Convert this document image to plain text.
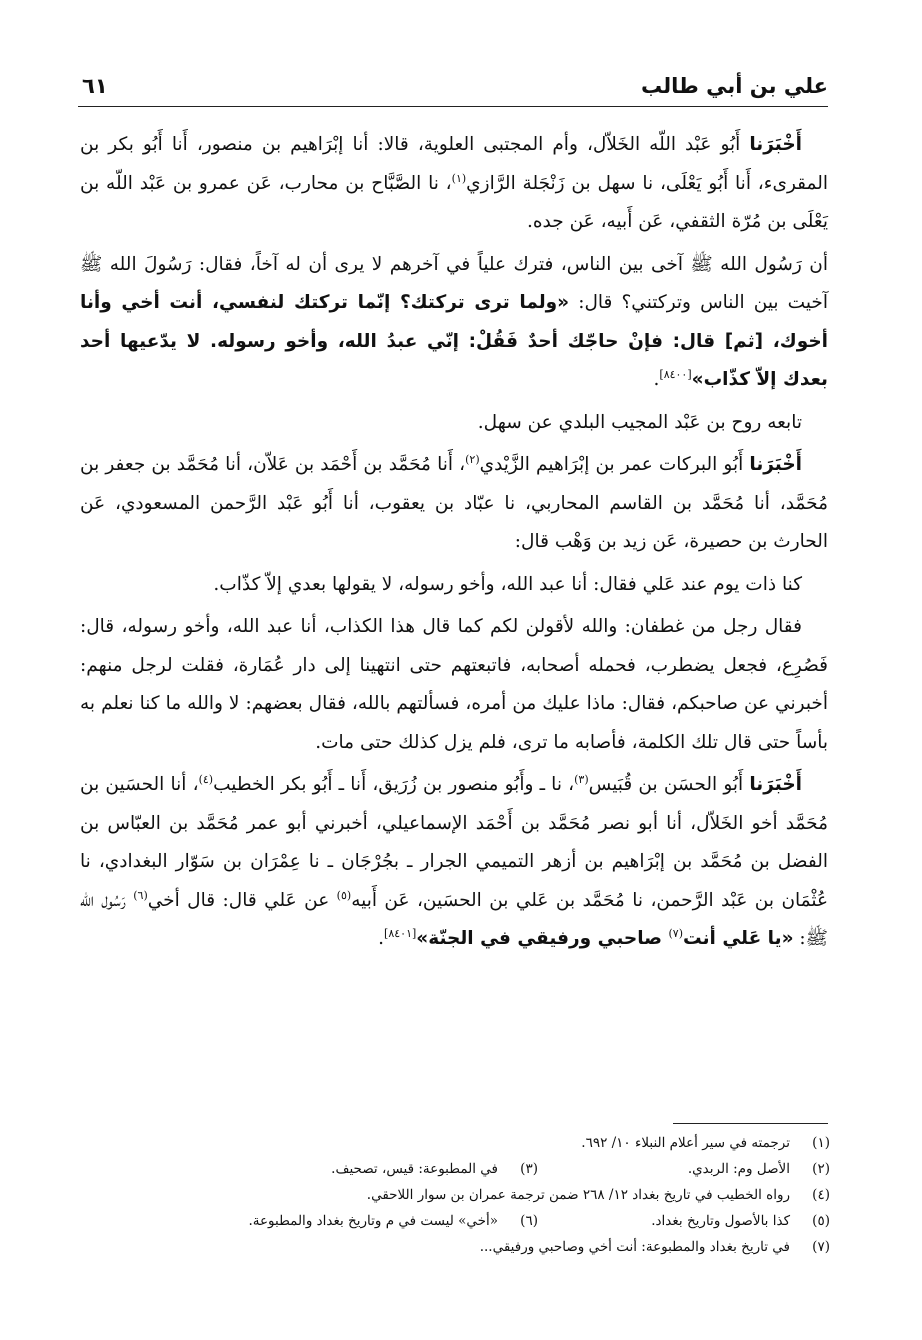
علي بن أبي طالب
٦١

أَخْبَرَنا أَبُو عَبْد اللّه الخَلاّل، وأم المجتبى العلوية، قالا: أنا إبْرَاهيم بن منصور، أَنا أَبُو بكر بن المقرىء، أَنا أَبُو يَعْلَى، نا سهل بن زَنْجَلة الرَّازي$^{(١)}$، نا الصَّبَّاح بن محارب، عَن عمرو بن عَبْد اللّه بن يَعْلَى بن مُرّة الثقفي، عَن أَبيه، عَن جده.

أن رَسُول الله ﷺ آخى بين الناس، فترك علياً في آخرهم لا يرى أن له آخاً، فقال: رَسُولَ الله ﷺ آخيت بين الناس وتركتني؟ قال: «ولما ترى تركتك؟ إنّما تركتك لنفسي، أنت أخي وأنا أخوك، [ثم] قال: فإنْ حاجّك أحدٌ فَقُلْ: إنّي عبدُ الله، وأخو رسوله. لا يدّعيها أحد بعدك إلاّ كذّاب»[٨٤٠٠].

تابعه روح بن عَبْد المجيب البلدي عن سهل.

أَخْبَرَنا أَبُو البركات عمر بن إبْرَاهيم الزَّيْدي$^{(٢)}$، أَنا مُحَمَّد بن أَحْمَد بن عَلاّن، أنا مُحَمَّد بن جعفر بن مُحَمَّد، أنا مُحَمَّد بن القاسم المحاربي، نا عبّاد بن يعقوب، أنا أَبُو عَبْد الرَّحمن المسعودي، عَن الحارث بن حصيرة، عَن زيد بن وَهْب قال:

كنا ذات يوم عند عَلي فقال: أنا عبد الله، وأخو رسوله، لا يقولها بعدي إلاّ كذّاب.

فقال رجل من غطفان: والله لأقولن لكم كما قال هذا الكذاب، أنا عبد الله، وأخو رسوله، قال: فَصُرِع، فجعل يضطرب، فحمله أصحابه، فاتبعتهم حتى انتهينا إلى دار عُمَارة، فقلت لرجل منهم: أخبرني عن صاحبكم، فقال: ماذا عليك من أمره، فسألتهم بالله، فقال بعضهم: لا والله ما كنا نعلم به بأساً حتى قال تلك الكلمة، فأصابه ما ترى، فلم يزل كذلك حتى مات.

أَخْبَرَنا أَبُو الحسَن بن قُبَيس$^{(٣)}$، نا ـ وأَبُو منصور بن زُرَيق، أَنا ـ أَبُو بكر الخطيب$^{(٤)}$، أنا الحسَين بن مُحَمَّد أخو الخَلاّل، أنا أبو نصر مُحَمَّد بن أَحْمَد الإسماعيلي، أخبرني أبو عمر مُحَمَّد بن العبّاس بن الفضل بن مُحَمَّد بن إبْرَاهيم بن أزهر التميمي الجرار ـ بجُرْجَان ـ نا عِمْرَان بن سَوّار البغدادي، نا عُثْمَان بن عَبْد الرَّحمن، نا مُحَمَّد بن عَلي بن الحسَين، عَن أَبيه$^{(٥)}$ عن عَلي قال: قال أخي$^{(٦)}$ رَسُول الله ﷺ: «يا عَلي أنت$^{(٧)}$ صاحبي ورفيقي في الجنّة»[٨٤٠١].

(١)
ترجمته في سير أعلام النبلاء ١٠/ ٦٩٢.
(٢)
الأصل وم: الربدي.
(٣)
في المطبوعة: قيس، تصحيف.
(٤)
رواه الخطيب في تاريخ بغداد ١٢/ ٢٦٨ ضمن ترجمة عمران بن سوار اللاحقي.
(٥)
كذا بالأصول وتاريخ بغداد.
(٦)
«أخي» ليست في م وتاريخ بغداد والمطبوعة.
(٧)
في تاريخ بغداد والمطبوعة: أنت أخي وصاحبي ورفيقي...
